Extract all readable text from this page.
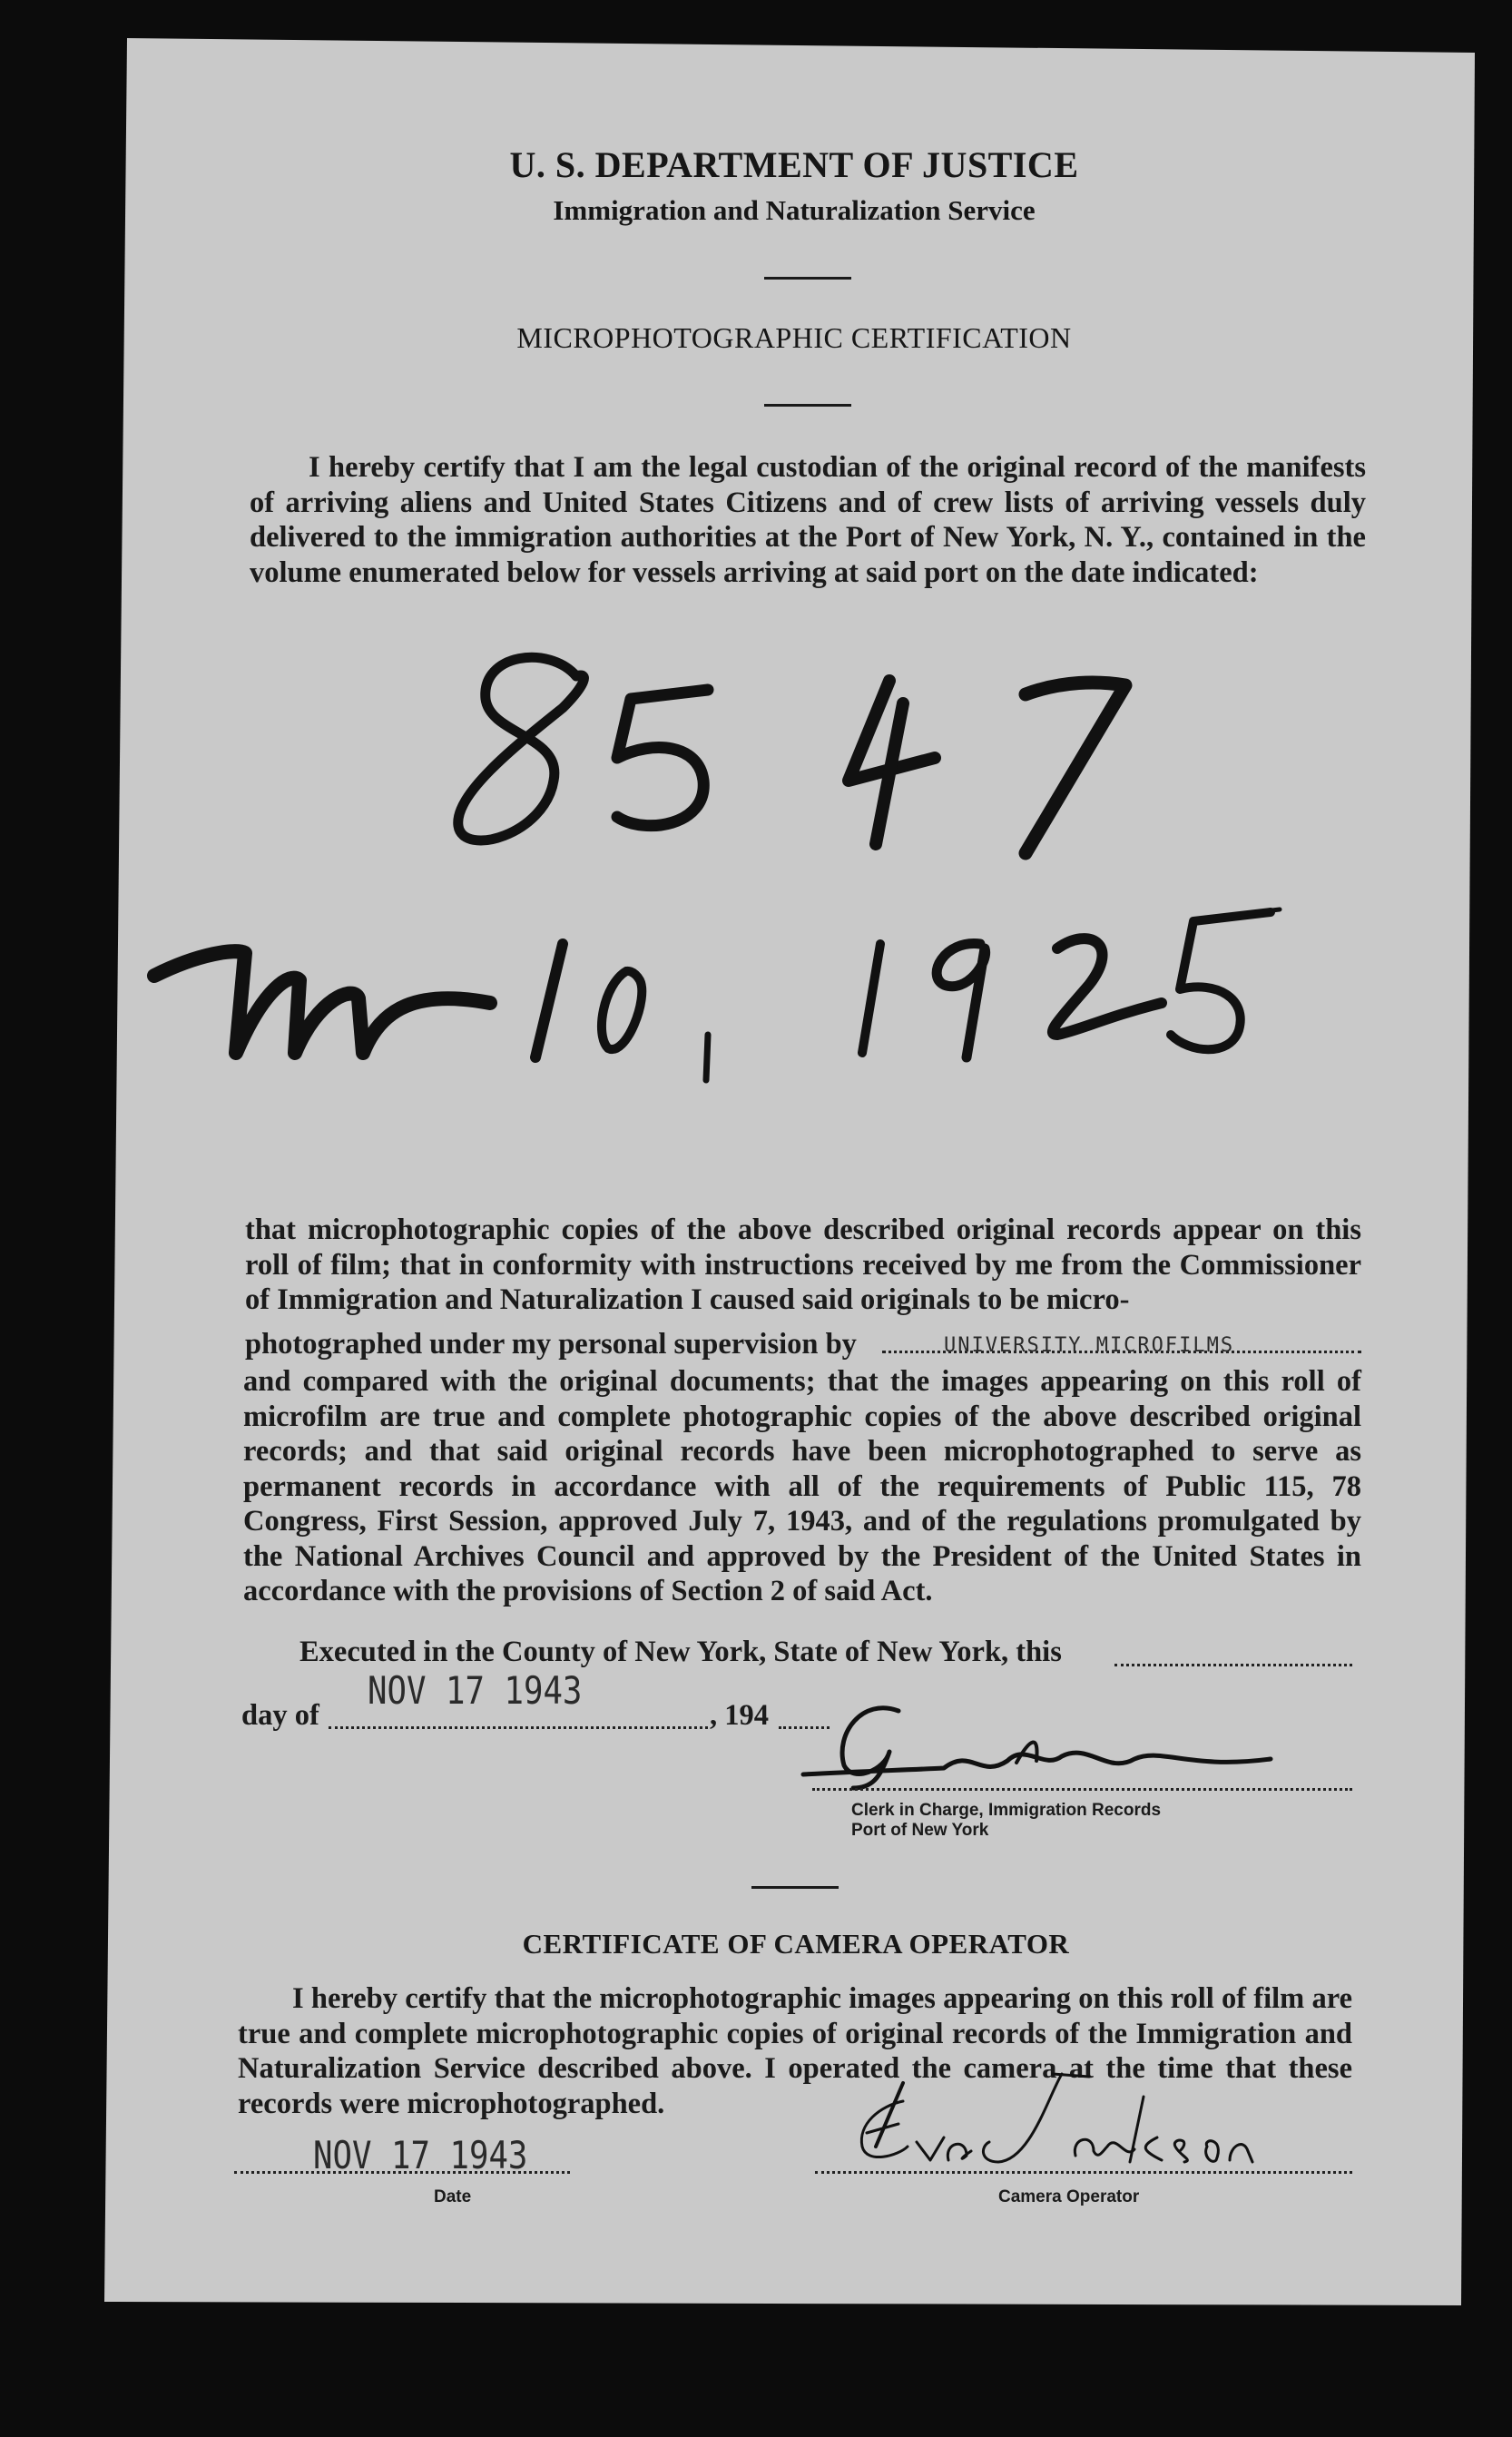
U. S. DEPARTMENT OF JUSTICE
Immigration and Naturalization Service
MICROPHOTOGRAPHIC CERTIFICATION
I hereby certify that I am the legal custodian of the original record of the manifests of arriving aliens and United States Citizens and of crew lists of arriving vessels duly delivered to the immigration authorities at the Port of New York, N. Y., contained in the volume enumerated below for vessels arriving at said port on the date indicated:
that microphotographic copies of the above described original records appear on this roll of film; that in conformity with instructions received by me from the Commissioner of Immigration and Naturalization I caused said originals to be micro-
photographed under my personal supervision by	UNIVERSITY MICROFILMS
and compared with the original documents; that the images appearing on this roll of microfilm are true and complete photographic copies of the above described original records; and that said original records have been microphotographed to serve as permanent records in accordance with all of the requirements of Public 115, 78 Congress, First Session, approved July 7, 1943, and of the regulations promulgated by the National Archives Council and approved by the President of the United States in accordance with the provisions of Section 2 of said Act.
Executed in the County of New York, State of New York, this
day of
NOV 17 1943
, 194
Clerk in Charge, Immigration Records
Port of New York
CERTIFICATE OF CAMERA OPERATOR
I hereby certify that the microphotographic images appearing on this roll of film are true and complete microphotographic copies of original records of the Immigration and Naturalization Service described above. I operated the camera at the time that these records were microphotographed.
NOV 17 1943
Date	Camera Operator
